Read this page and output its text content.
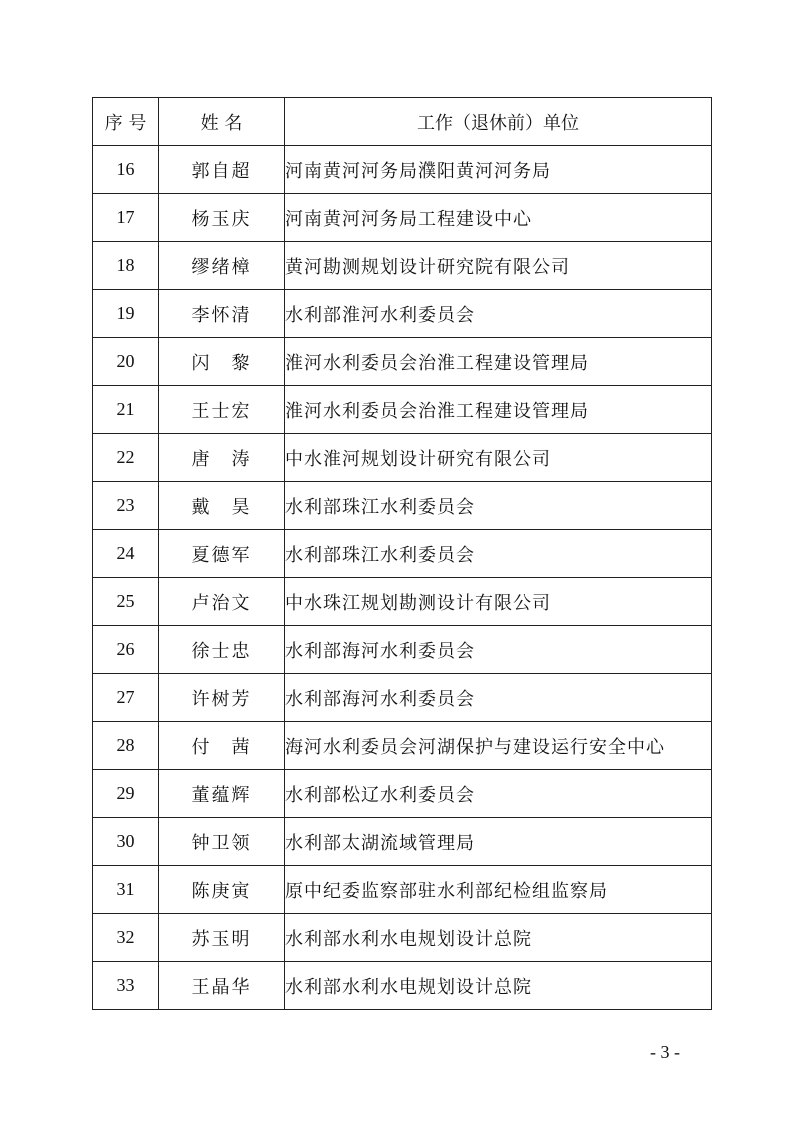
序 号	姓 名	工作（退休前）单位
16	郭自超	河南黄河河务局濮阳黄河河务局
17	杨玉庆	河南黄河河务局工程建设中心
18	缪绪樟	黄河勘测规划设计研究院有限公司
19	李怀清	水利部淮河水利委员会
20	闪　黎	淮河水利委员会治淮工程建设管理局
21	王士宏	淮河水利委员会治淮工程建设管理局
22	唐　涛	中水淮河规划设计研究有限公司
23	戴　昊	水利部珠江水利委员会
24	夏德军	水利部珠江水利委员会
25	卢治文	中水珠江规划勘测设计有限公司
26	徐士忠	水利部海河水利委员会
27	许树芳	水利部海河水利委员会
28	付　茜	海河水利委员会河湖保护与建设运行安全中心
29	董蕴辉	水利部松辽水利委员会
30	钟卫领	水利部太湖流域管理局
31	陈庚寅	原中纪委监察部驻水利部纪检组监察局
32	苏玉明	水利部水利水电规划设计总院
33	王晶华	水利部水利水电规划设计总院
- 3 -
